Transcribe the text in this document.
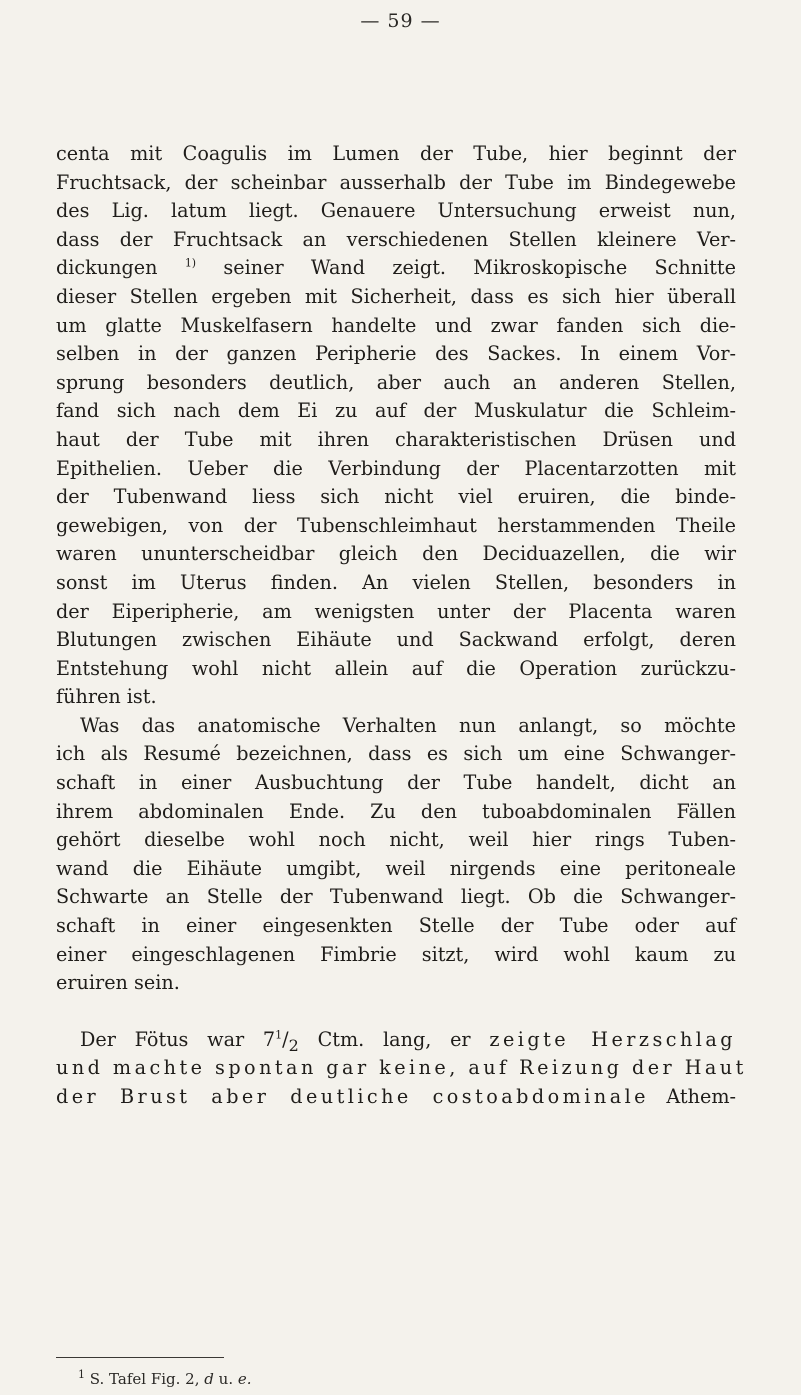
— 59 —
centa mit Coagulis im Lumen der Tube, hier beginnt der
Fruchtsack, der scheinbar ausserhalb der Tube im Bindegewebe
des Lig. latum liegt. Genauere Untersuchung erweist nun,
dass der Fruchtsack an verschiedenen Stellen kleinere Ver-
dickungen $^{1)}$ seiner Wand zeigt. Mikroskopische Schnitte
dieser Stellen ergeben mit Sicherheit, dass es sich hier überall
um glatte Muskelfasern handelte und zwar fanden sich die-
selben in der ganzen Peripherie des Sackes. In einem Vor-
sprung besonders deutlich, aber auch an anderen Stellen,
fand sich nach dem Ei zu auf der Muskulatur die Schleim-
haut der Tube mit ihren charakteristischen Drüsen und
Epithelien. Ueber die Verbindung der Placentarzotten mit
der Tubenwand liess sich nicht viel eruiren, die binde-
gewebigen, von der Tubenschleimhaut herstammenden Theile
waren ununterscheidbar gleich den Deciduazellen, die wir
sonst im Uterus finden. An vielen Stellen, besonders in
der Eiperipherie, am wenigsten unter der Placenta waren
Blutungen zwischen Eihäute und Sackwand erfolgt, deren
Entstehung wohl nicht allein auf die Operation zurückzu-
führen ist.
Was das anatomische Verhalten nun anlangt, so möchte
ich als Resumé bezeichnen, dass es sich um eine Schwanger-
schaft in einer Ausbuchtung der Tube handelt, dicht an
ihrem abdominalen Ende. Zu den tuboabdominalen Fällen
gehört dieselbe wohl noch nicht, weil hier rings Tuben-
wand die Eihäute umgibt, weil nirgends eine peritoneale
Schwarte an Stelle der Tubenwand liegt. Ob die Schwanger-
schaft in einer eingesenkten Stelle der Tube oder auf
einer eingeschlagenen Fimbrie sitzt, wird wohl kaum zu
eruiren sein.
Der Fötus war $7^1/_2$ Ctm. lang, er zeigte Herzschlag
und machte spontan gar keine, auf Reizung der Haut
der Brust aber deutliche costoabdominale Athem-
$^1$ S. Tafel Fig. 2, d u. e.
